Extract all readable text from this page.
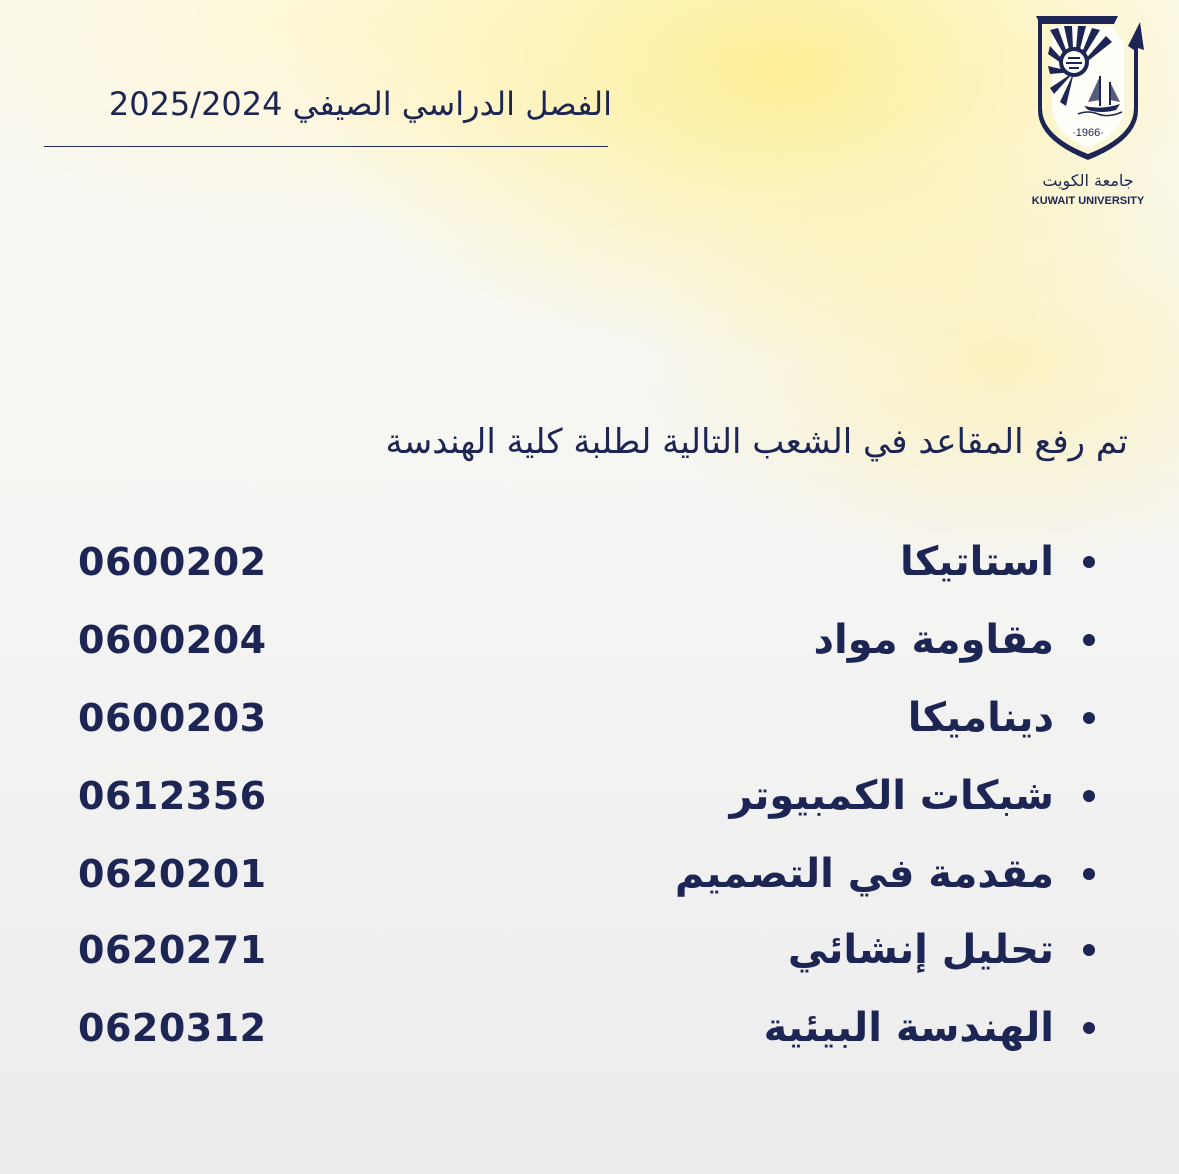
الفصل الدراسي الصيفي 2025/2024
·1966·
جامعة الكويت
KUWAIT UNIVERSITY
تم رفع المقاعد في الشعب التالية لطلبة كلية الهندسة
0600202	استاتيكا
0600204	مقاومة مواد
0600203	ديناميكا
0612356	شبكات الكمبيوتر
0620201	مقدمة في التصميم
0620271	تحليل إنشائي
0620312	الهندسة البيئية
